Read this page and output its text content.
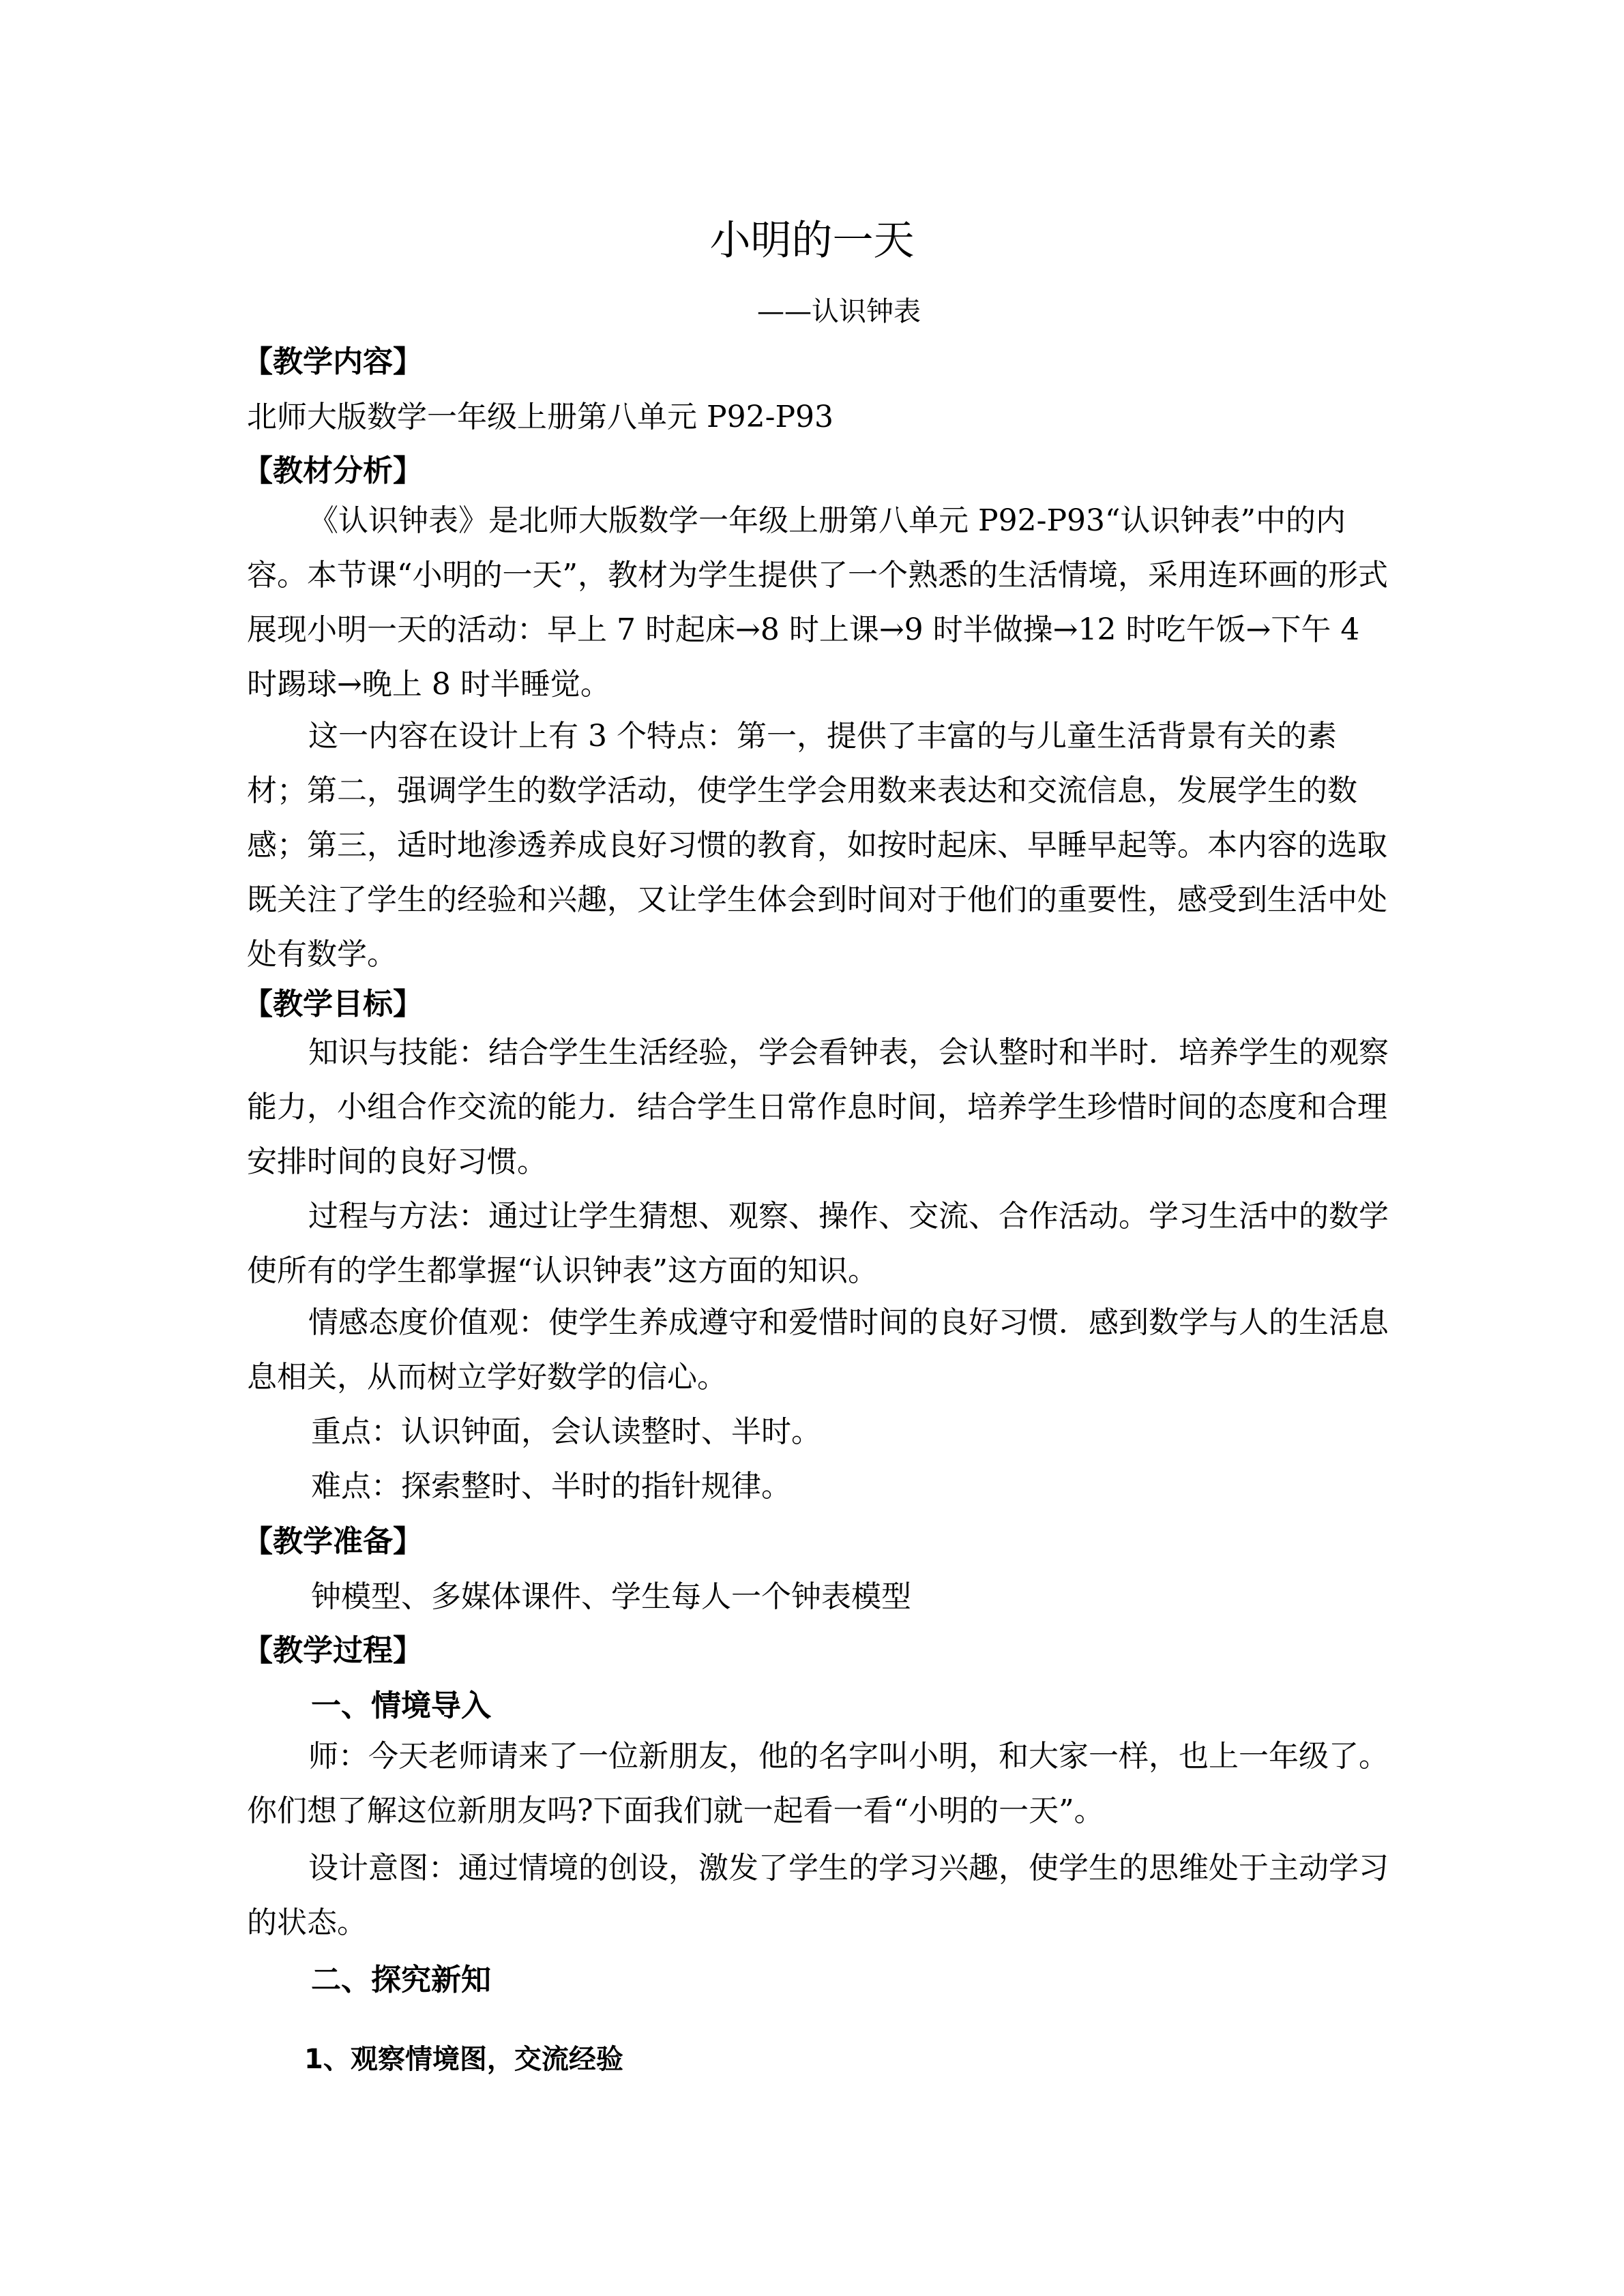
小明的一天
——认识钟表
【教学内容】
北师大版数学一年级上册第八单元 P92-P93
【教材分析】
《认识钟表》是北师大版数学一年级上册第八单元 P92-P93“认识钟表”中的内容。本节课“小明的一天”，教材为学生提供了一个熟悉的生活情境，采用连环画的形式展现小明一天的活动：早上 7 时起床→8 时上课→9 时半做操→12 时吃午饭→下午 4 时踢球→晚上 8 时半睡觉。
这一内容在设计上有 3 个特点：第一，提供了丰富的与儿童生活背景有关的素材；第二，强调学生的数学活动，使学生学会用数来表达和交流信息，发展学生的数感；第三，适时地渗透养成良好习惯的教育，如按时起床、早睡早起等。本内容的选取既关注了学生的经验和兴趣，又让学生体会到时间对于他们的重要性，感受到生活中处处有数学。
【教学目标】
知识与技能：结合学生生活经验，学会看钟表，会认整时和半时．培养学生的观察能力，小组合作交流的能力．结合学生日常作息时间，培养学生珍惜时间的态度和合理安排时间的良好习惯。
过程与方法：通过让学生猜想、观察、操作、交流、合作活动。学习生活中的数学使所有的学生都掌握“认识钟表”这方面的知识。
情感态度价值观：使学生养成遵守和爱惜时间的良好习惯．感到数学与人的生活息息相关，从而树立学好数学的信心。
重点：认识钟面，会认读整时、半时。
难点：探索整时、半时的指针规律。
【教学准备】
钟模型、多媒体课件、学生每人一个钟表模型
【教学过程】
一、情境导入
师：今天老师请来了一位新朋友，他的名字叫小明，和大家一样，也上一年级了。你们想了解这位新朋友吗?下面我们就一起看一看“小明的一天”。
设计意图：通过情境的创设，激发了学生的学习兴趣，使学生的思维处于主动学习的状态。
二、探究新知
1、观察情境图，交流经验
